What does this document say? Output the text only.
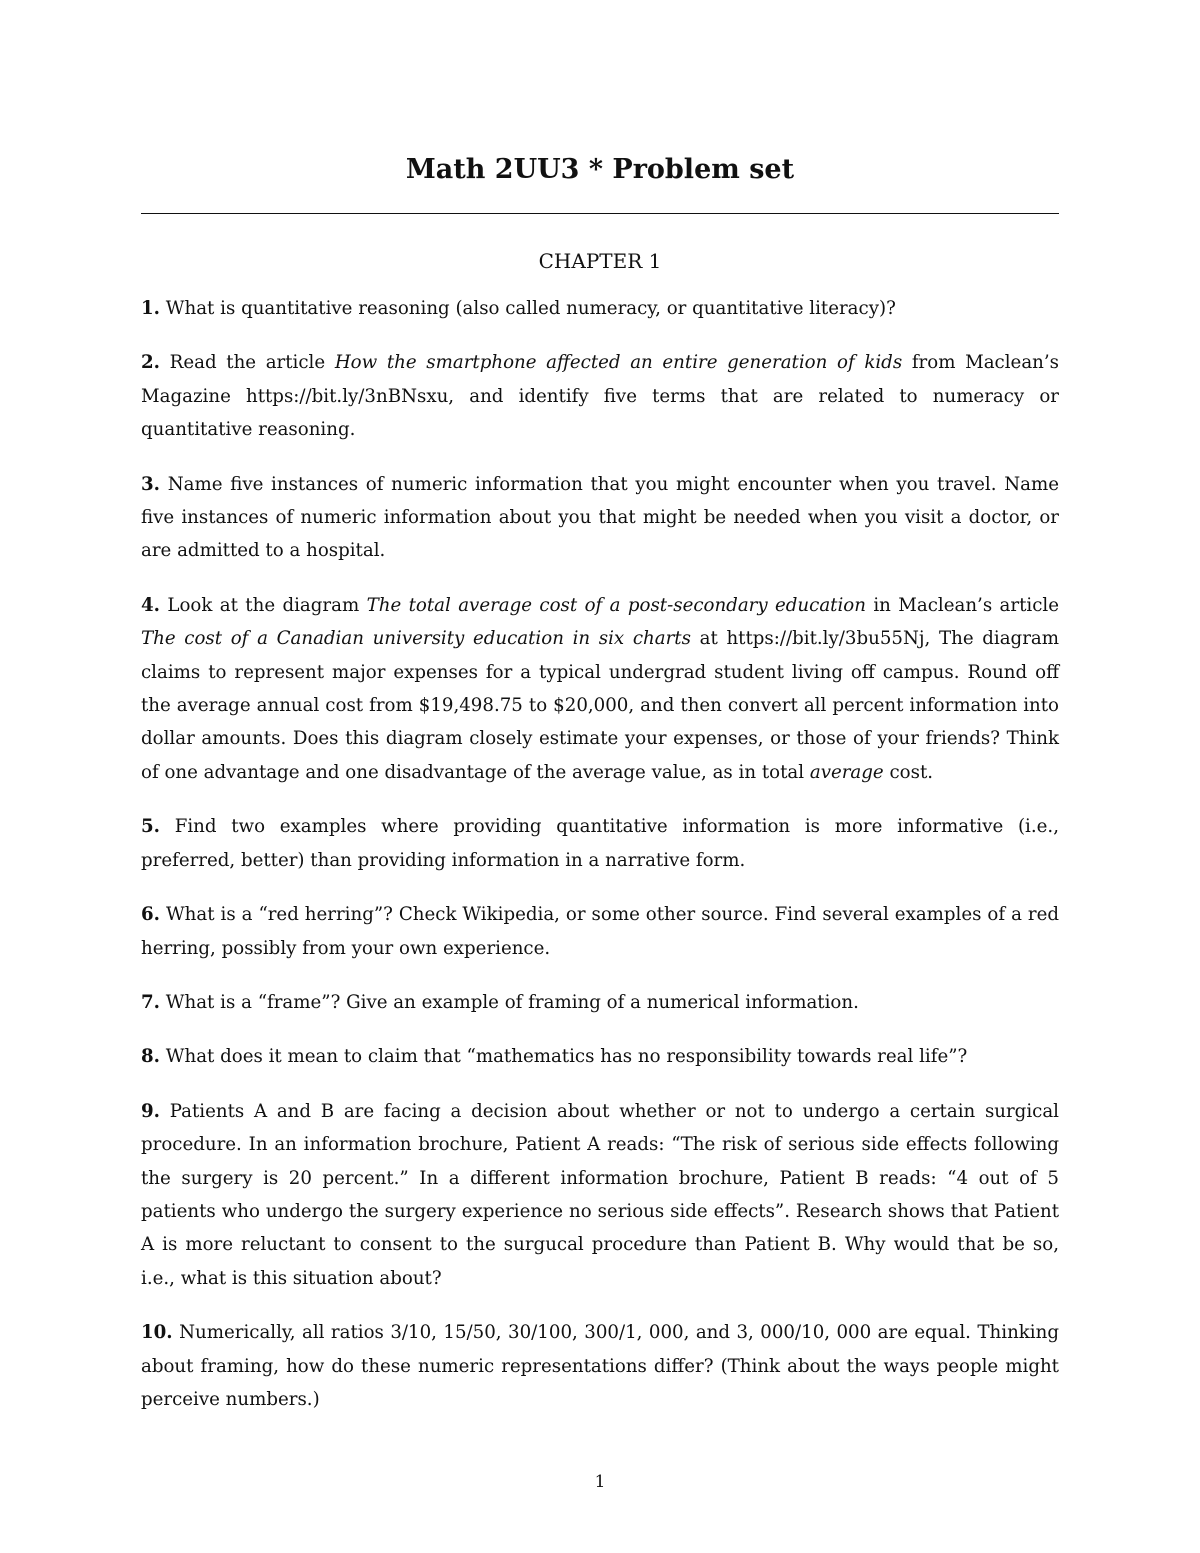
Math 2UU3 * Problem set

CHAPTER 1

1. What is quantitative reasoning (also called numeracy, or quantitative literacy)?

2. Read the article How the smartphone affected an entire generation of kids from Maclean’s Magazine https://bit.ly/3nBNsxu, and identify five terms that are related to numeracy or quantitative reasoning.

3. Name five instances of numeric information that you might encounter when you travel. Name five instances of numeric information about you that might be needed when you visit a doctor, or are admitted to a hospital.

4. Look at the diagram The total average cost of a post-secondary education in Maclean’s article The cost of a Canadian university education in six charts at https://bit.ly/3bu55Nj, The diagram claims to represent major expenses for a typical undergrad student living off campus. Round off the average annual cost from $19,498.75 to $20,000, and then convert all percent information into dollar amounts. Does this diagram closely estimate your expenses, or those of your friends? Think of one advantage and one disadvantage of the average value, as in total average cost.

5. Find two examples where providing quantitative information is more informative (i.e., preferred, better) than providing information in a narrative form.

6. What is a “red herring”? Check Wikipedia, or some other source. Find several examples of a red herring, possibly from your own experience.

7. What is a “frame”? Give an example of framing of a numerical information.

8. What does it mean to claim that “mathematics has no responsibility towards real life”?

9. Patients A and B are facing a decision about whether or not to undergo a certain surgical procedure. In an information brochure, Patient A reads: “The risk of serious side effects following the surgery is 20 percent.” In a different information brochure, Patient B reads: “4 out of 5 patients who undergo the surgery experience no serious side effects”. Research shows that Patient A is more reluctant to consent to the surgucal procedure than Patient B. Why would that be so, i.e., what is this situation about?

10. Numerically, all ratios 3/10, 15/50, 30/100, 300/1, 000, and 3, 000/10, 000 are equal. Thinking about framing, how do these numeric representations differ? (Think about the ways people might perceive numbers.)

1
